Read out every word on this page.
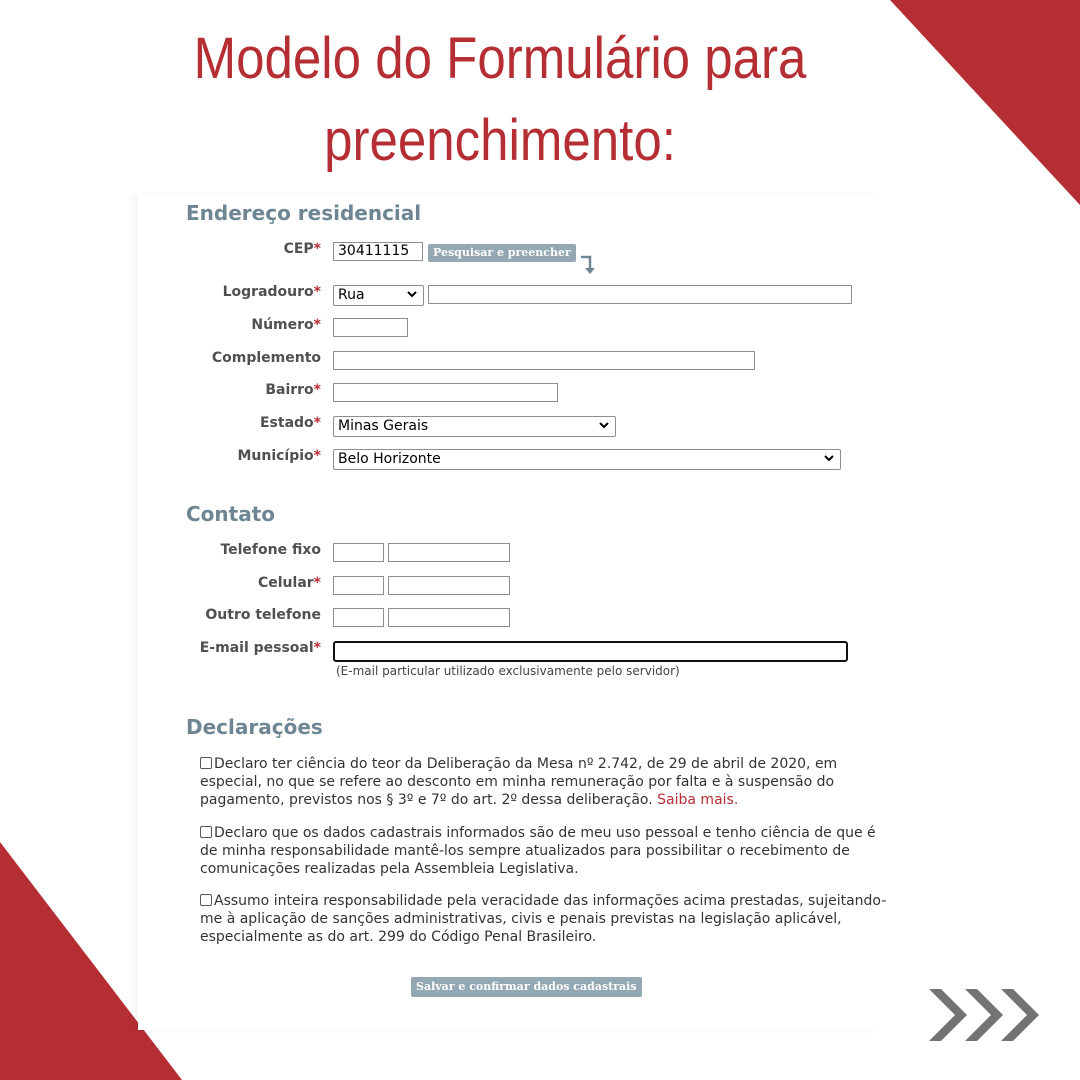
Modelo do Formulário para
preenchimento:
Endereço residencial
CEP*	30411115	Pesquisar e preencher
Logradouro*	Rua
Número*
Complemento
Bairro*
Estado*	Minas Gerais
Município*	Belo Horizonte
Contato
Telefone fixo
Celular*
Outro telefone
E-mail pessoal*
(E-mail particular utilizado exclusivamente pelo servidor)
Declarações
Declaro ter ciência do teor da Deliberação da Mesa nº 2.742, de 29 de abril de 2020, em especial, no que se refere ao desconto em minha remuneração por falta e à suspensão do pagamento, previstos nos § 3º e 7º do art. 2º dessa deliberação. Saiba mais.
Declaro que os dados cadastrais informados são de meu uso pessoal e tenho ciência de que é de minha responsabilidade mantê-los sempre atualizados para possibilitar o recebimento de comunicações realizadas pela Assembleia Legislativa.
Assumo inteira responsabilidade pela veracidade das informações acima prestadas, sujeitando-me à aplicação de sanções administrativas, civis e penais previstas na legislação aplicável, especialmente as do art. 299 do Código Penal Brasileiro.
Salvar e confirmar dados cadastrais
